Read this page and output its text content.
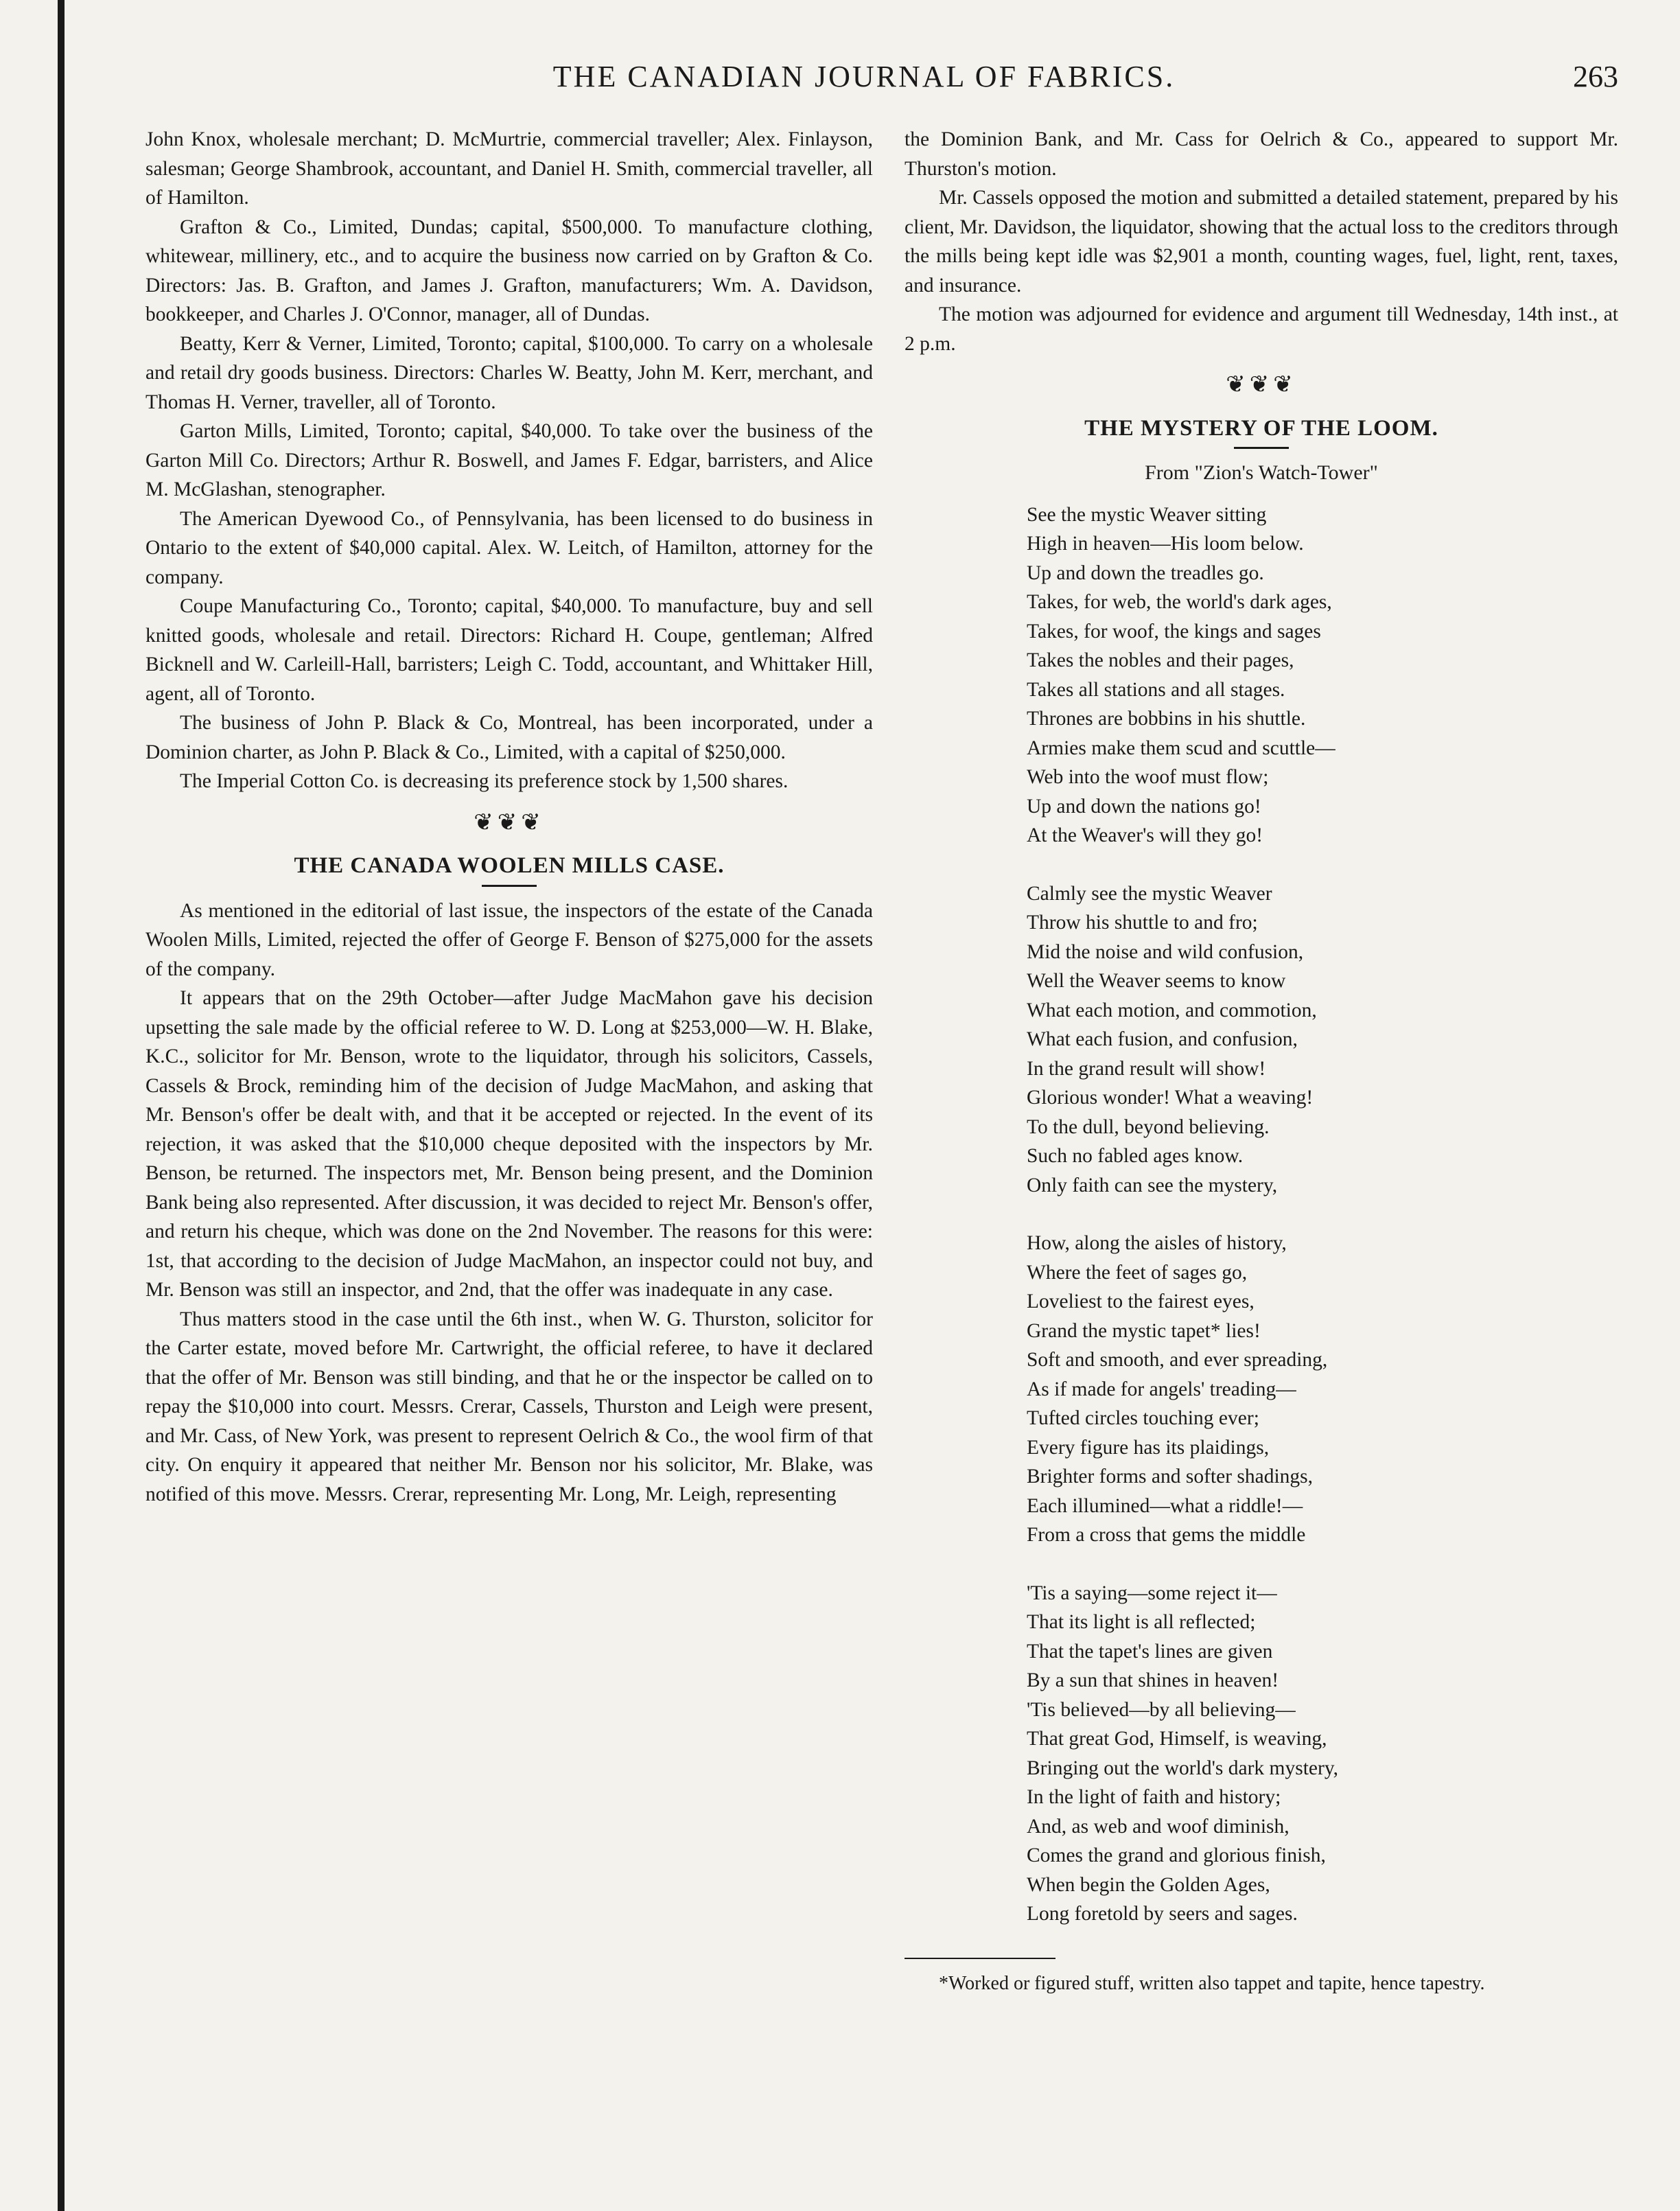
THE CANADIAN JOURNAL OF FABRICS.	263

John Knox, wholesale merchant; D. McMurtrie, commercial traveller; Alex. Finlayson, salesman; George Shambrook, accountant, and Daniel H. Smith, commercial traveller, all of Hamilton.

Grafton & Co., Limited, Dundas; capital, $500,000. To manufacture clothing, whitewear, millinery, etc., and to acquire the business now carried on by Grafton & Co. Directors: Jas. B. Grafton, and James J. Grafton, manufacturers; Wm. A. Davidson, bookkeeper, and Charles J. O'Connor, manager, all of Dundas.

Beatty, Kerr & Verner, Limited, Toronto; capital, $100,000. To carry on a wholesale and retail dry goods business. Directors: Charles W. Beatty, John M. Kerr, merchant, and Thomas H. Verner, traveller, all of Toronto.

Garton Mills, Limited, Toronto; capital, $40,000. To take over the business of the Garton Mill Co. Directors; Arthur R. Boswell, and James F. Edgar, barristers, and Alice M. McGlashan, stenographer.

The American Dyewood Co., of Pennsylvania, has been licensed to do business in Ontario to the extent of $40,000 capital. Alex. W. Leitch, of Hamilton, attorney for the company.

Coupe Manufacturing Co., Toronto; capital, $40,000. To manufacture, buy and sell knitted goods, wholesale and retail. Directors: Richard H. Coupe, gentleman; Alfred Bicknell and W. Carleill-Hall, barristers; Leigh C. Todd, accountant, and Whittaker Hill, agent, all of Toronto.

The business of John P. Black & Co, Montreal, has been incorporated, under a Dominion charter, as John P. Black & Co., Limited, with a capital of $250,000.

The Imperial Cotton Co. is decreasing its preference stock by 1,500 shares.

❦❦❦
THE CANADA WOOLEN MILLS CASE.

As mentioned in the editorial of last issue, the inspectors of the estate of the Canada Woolen Mills, Limited, rejected the offer of George F. Benson of $275,000 for the assets of the company.

It appears that on the 29th October—after Judge MacMahon gave his decision upsetting the sale made by the official referee to W. D. Long at $253,000—W. H. Blake, K.C., solicitor for Mr. Benson, wrote to the liquidator, through his solicitors, Cassels, Cassels & Brock, reminding him of the decision of Judge MacMahon, and asking that Mr. Benson's offer be dealt with, and that it be accepted or rejected. In the event of its rejection, it was asked that the $10,000 cheque deposited with the inspectors by Mr. Benson, be returned. The inspectors met, Mr. Benson being present, and the Dominion Bank being also represented. After discussion, it was decided to reject Mr. Benson's offer, and return his cheque, which was done on the 2nd November. The reasons for this were: 1st, that according to the decision of Judge MacMahon, an inspector could not buy, and Mr. Benson was still an inspector, and 2nd, that the offer was inadequate in any case.

Thus matters stood in the case until the 6th inst., when W. G. Thurston, solicitor for the Carter estate, moved before Mr. Cartwright, the official referee, to have it declared that the offer of Mr. Benson was still binding, and that he or the inspector be called on to repay the $10,000 into court. Messrs. Crerar, Cassels, Thurston and Leigh were present, and Mr. Cass, of New York, was present to represent Oelrich & Co., the wool firm of that city. On enquiry it appeared that neither Mr. Benson nor his solicitor, Mr. Blake, was notified of this move. Messrs. Crerar, representing Mr. Long, Mr. Leigh, representing

the Dominion Bank, and Mr. Cass for Oelrich & Co., appeared to support Mr. Thurston's motion.

Mr. Cassels opposed the motion and submitted a detailed statement, prepared by his client, Mr. Davidson, the liquidator, showing that the actual loss to the creditors through the mills being kept idle was $2,901 a month, counting wages, fuel, light, rent, taxes, and insurance.

The motion was adjourned for evidence and argument till Wednesday, 14th inst., at 2 p.m.

❦❦❦
THE MYSTERY OF THE LOOM.
From "Zion's Watch-Tower"
See the mystic Weaver sitting
High in heaven—His loom below.
Up and down the treadles go.
Takes, for web, the world's dark ages,
Takes, for woof, the kings and sages
Takes the nobles and their pages,
Takes all stations and all stages.
Thrones are bobbins in his shuttle.
Armies make them scud and scuttle—
Web into the woof must flow;
Up and down the nations go!
At the Weaver's will they go!
Calmly see the mystic Weaver
Throw his shuttle to and fro;
Mid the noise and wild confusion,
Well the Weaver seems to know
What each motion, and commotion,
What each fusion, and confusion,
In the grand result will show!
Glorious wonder! What a weaving!
To the dull, beyond believing.
Such no fabled ages know.
Only faith can see the mystery,
How, along the aisles of history,
Where the feet of sages go,
Loveliest to the fairest eyes,
Grand the mystic tapet* lies!
Soft and smooth, and ever spreading,
As if made for angels' treading—
Tufted circles touching ever;
Every figure has its plaidings,
Brighter forms and softer shadings,
Each illumined—what a riddle!—
From a cross that gems the middle
'Tis a saying—some reject it—
That its light is all reflected;
That the tapet's lines are given
By a sun that shines in heaven!
'Tis believed—by all believing—
That great God, Himself, is weaving,
Bringing out the world's dark mystery,
In the light of faith and history;
And, as web and woof diminish,
Comes the grand and glorious finish,
When begin the Golden Ages,
Long foretold by seers and sages.

*Worked or figured stuff, written also tappet and tapite, hence tapestry.
